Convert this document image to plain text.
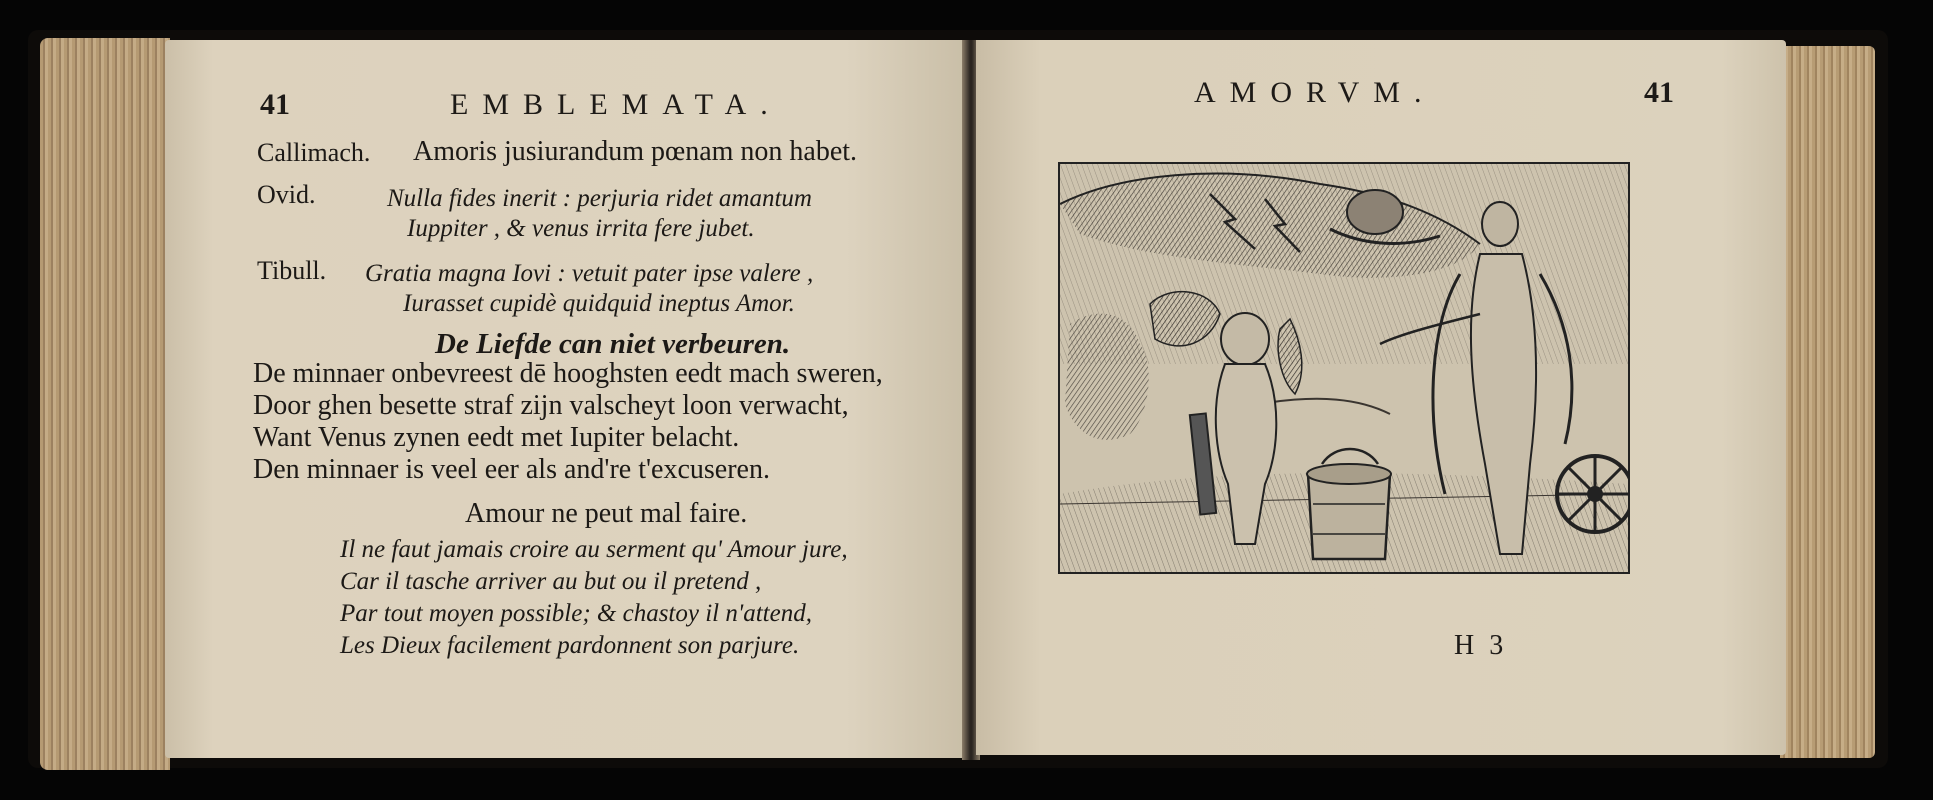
41	EMBLEMATA.
Callimach. Amoris jusiurandum pœnam non habet.
Ovid.	Nulla fides inerit : perjuria ridet amantum
Iuppiter , & venus irrita fere jubet.
Tibull. Gratia magna Iovi : vetuit pater ipse valere ,
Iurasset cupidè quidquid ineptus Amor.
De Liefde can niet verbeuren.
De minnaer onbevreest dē hooghsten eedt mach sweren,
Door ghen besette straf zijn valscheyt loon verwacht,
Want Venus zynen eedt met Iupiter belacht.
Den minnaer is veel eer als and're t'excuseren.
Amour ne peut mal faire.
Il ne faut jamais croire au serment qu' Amour jure,
Car il tasche arriver au but ou il pretend ,
Par tout moyen possible; & chastoy il n'attend,
Les Dieux facilement pardonnent son parjure.
AMORVM.	41
H 3
